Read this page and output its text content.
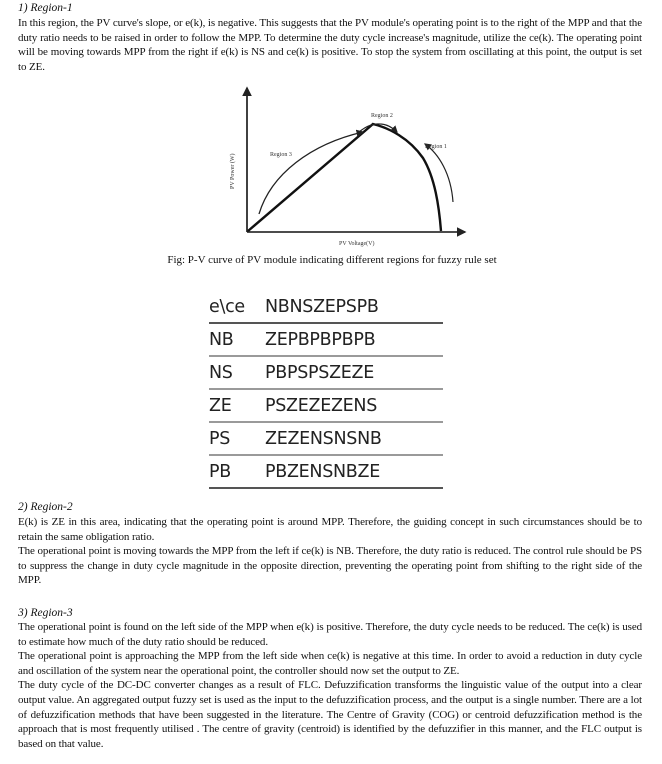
1) Region-1

In this region, the PV curve's slope, or e(k), is negative. This suggests that the PV module's operating point is to the right of the MPP and that the duty ratio needs to be raised in order to follow the MPP. To determine the duty cycle increase's magnitude, utilize the ce(k). The operating point will be moving towards MPP from the right if e(k) is NS and ce(k) is positive. To stop the system from oscillating at this point, the output is set to ZE.

Region 1
Region 2
Region 3
PV Voltage(V)
PV Power (W)
Fig: P-V curve of PV module indicating different regions for fuzzy rule set
e\ce	NBNSZEPSPB
NB	ZEPBPBPBPB
NS	PBPSPSZEZE
ZE	PSZEZEZENS
PS	ZEZENSNSNB
PB	PBZENSNBZE

2) Region-2

E(k) is ZE in this area, indicating that the operating point is around MPP. Therefore, the guiding concept in such circumstances should be to retain the same obligation ratio.

The operational point is moving towards the MPP from the left if ce(k) is NB. Therefore, the duty ratio is reduced. The control rule should be PS to suppress the change in duty cycle magnitude in the opposite direction, preventing the operating point from shifting to the right side of the MPP.

3) Region-3

The operational point is found on the left side of the MPP when e(k) is positive. Therefore, the duty cycle needs to be reduced. The ce(k) is used to estimate how much of the duty ratio should be reduced.

The operational point is approaching the MPP from the left side when ce(k) is negative at this time. In order to avoid a reduction in duty cycle and oscillation of the system near the operational point, the controller should now set the output to ZE.

The duty cycle of the DC-DC converter changes as a result of FLC. Defuzzification transforms the linguistic value of the output into a clear output value. An aggregated output fuzzy set is used as the input to the defuzzification process, and the output is a single number. There are a lot of defuzzification methods that have been suggested in the literature. The Centre of Gravity (COG) or centroid defuzzification method is the approach that is most frequently utilised . The centre of gravity (centroid) is identified by the defuzzifier in this manner, and the FLC output is based on that value.
